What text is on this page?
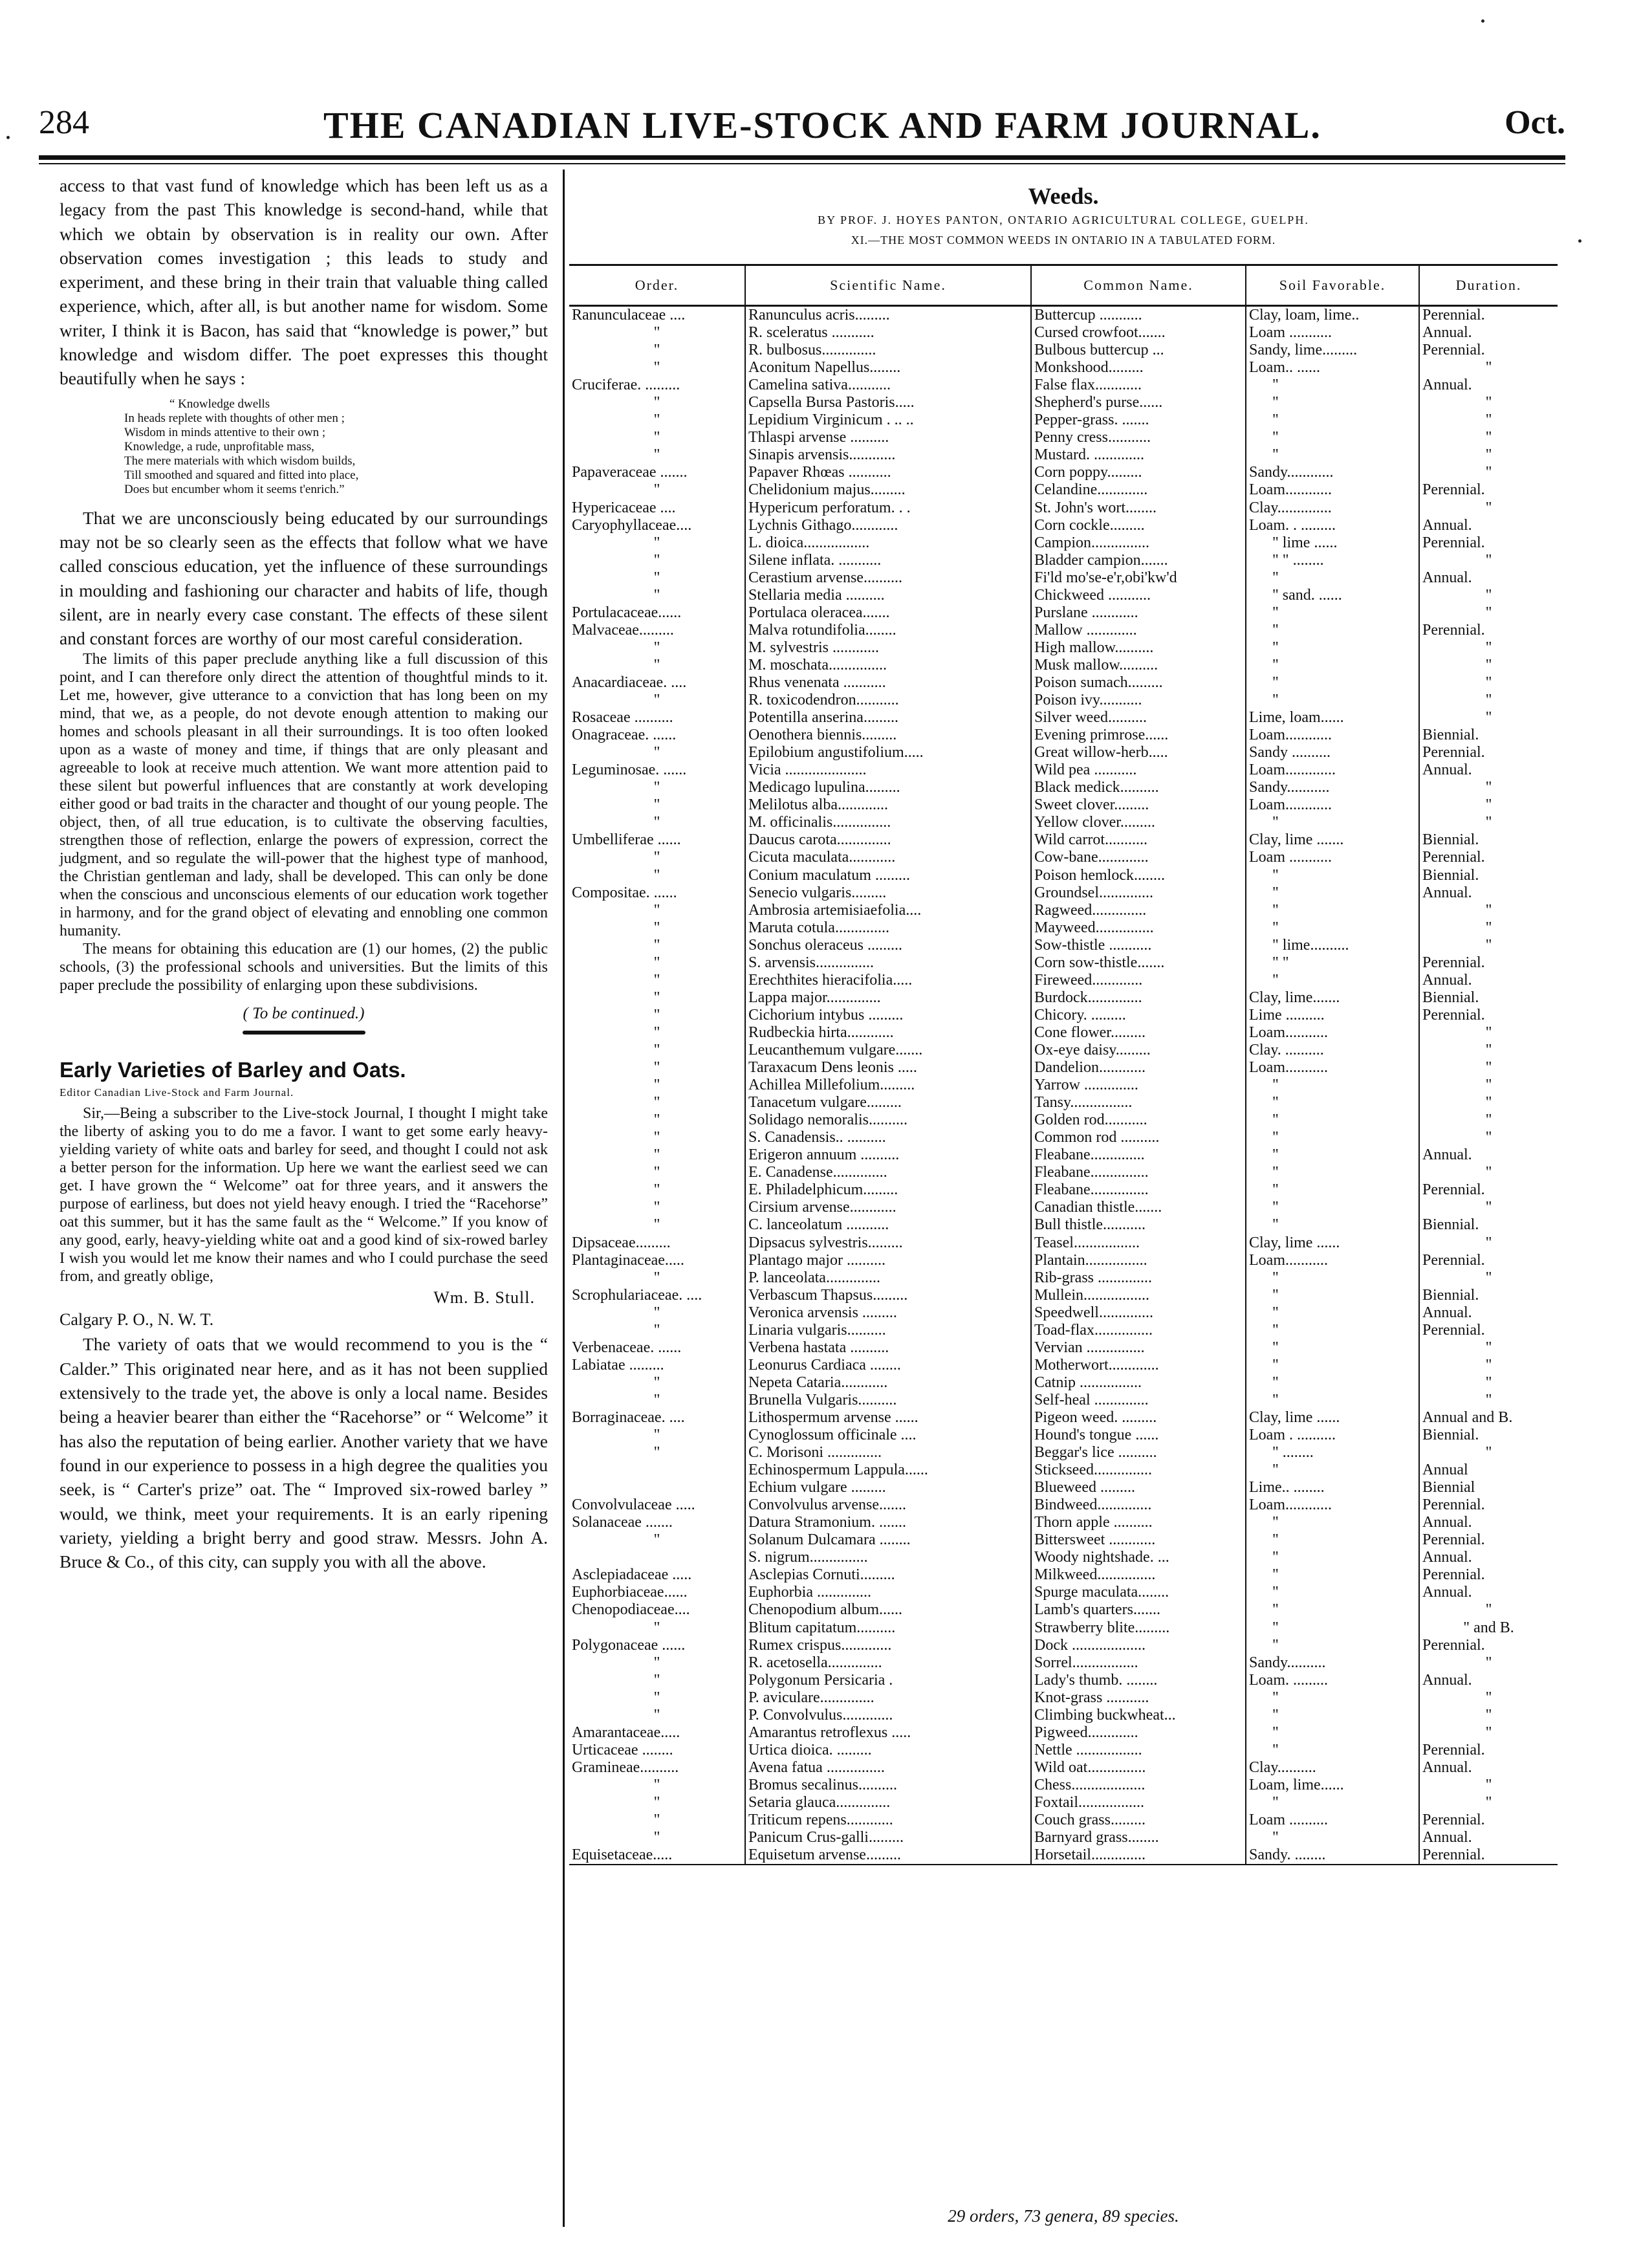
284	THE CANADIAN LIVE-STOCK AND FARM JOURNAL.	Oct.

access to that vast fund of knowledge which has been left us as a legacy from the past This knowledge is second-hand, while that which we obtain by observation is in reality our own. After observation comes investigation ; this leads to study and experiment, and these bring in their train that valuable thing called experience, which, after all, is but another name for wisdom. Some writer, I think it is Bacon, has said that “knowledge is power,” but knowledge and wisdom differ. The poet expresses this thought beautifully when he says :

“ Knowledge dwells
In heads replete with thoughts of other men ;
Wisdom in minds attentive to their own ;
Knowledge, a rude, unprofitable mass,
The mere materials with which wisdom builds,
Till smoothed and squared and fitted into place,
Does but encumber whom it seems t'enrich.”

That we are unconsciously being educated by our surroundings may not be so clearly seen as the effects that follow what we have called conscious education, yet the influence of these surroundings in moulding and fashioning our character and habits of life, though silent, are in nearly every case constant. The effects of these silent and constant forces are worthy of our most careful consideration.

The limits of this paper preclude anything like a full discussion of this point, and I can therefore only direct the attention of thoughtful minds to it. Let me, however, give utterance to a conviction that has long been on my mind, that we, as a people, do not devote enough attention to making our homes and schools pleasant in all their surroundings. It is too often looked upon as a waste of money and time, if things that are only pleasant and agreeable to look at receive much attention. We want more attention paid to these silent but powerful influences that are constantly at work developing either good or bad traits in the character and thought of our young people. The object, then, of all true education, is to cultivate the observing faculties, strengthen those of reflection, enlarge the powers of expression, correct the judgment, and so regulate the will-power that the highest type of manhood, the Christian gentleman and lady, shall be developed. This can only be done when the conscious and unconscious elements of our education work together in harmony, and for the grand object of elevating and ennobling one common humanity.

The means for obtaining this education are (1) our homes, (2) the public schools, (3) the professional schools and universities. But the limits of this paper preclude the possibility of enlarging upon these subdivisions.

( To be continued.)
Early Varieties of Barley and Oats.
Editor Canadian Live-Stock and Farm Journal.

Sir,—Being a subscriber to the Live-stock Journal, I thought I might take the liberty of asking you to do me a favor. I want to get some early heavy-yielding variety of white oats and barley for seed, and thought I could not ask a better person for the information. Up here we want the earliest seed we can get. I have grown the “ Welcome” oat for three years, and it answers the purpose of earliness, but does not yield heavy enough. I tried the “Racehorse” oat this summer, but it has the same fault as the “ Welcome.” If you know of any good, early, heavy-yielding white oat and a good kind of six-rowed barley I wish you would let me know their names and who I could purchase the seed from, and greatly oblige,

Wm. B. Stull.
Calgary P. O., N. W. T.

The variety of oats that we would recommend to you is the “ Calder.” This originated near here, and as it has not been supplied extensively to the trade yet, the above is only a local name. Besides being a heavier bearer than either the “Racehorse” or “ Welcome” it has also the reputation of being earlier. Another variety that we have found in our experience to possess in a high degree the qualities you seek, is “ Carter's prize” oat. The “ Improved six-rowed barley ” would, we think, meet your requirements. It is an early ripening variety, yielding a bright berry and good straw. Messrs. John A. Bruce & Co., of this city, can supply you with all the above.

Weeds.
BY PROF. J. HOYES PANTON, ONTARIO AGRICULTURAL COLLEGE, GUELPH.
XI.—THE MOST COMMON WEEDS IN ONTARIO IN A TABULATED FORM.
Order.	Scientific Name.	Common Name.	Soil Favorable.	Duration.
Ranunculaceae ....	Ranunculus acris.........	Buttercup ...........	Clay, loam, lime..	Perennial.
"	R. sceleratus ...........	Cursed crowfoot.......	Loam ...........	Annual.
"	R. bulbosus..............	Bulbous buttercup ...	Sandy, lime.........	Perennial.
"	Aconitum Napellus........	Monkshood.........	Loam.. ......	"
Cruciferae. .........	Camelina sativa...........	False flax............	"	Annual.
"	Capsella Bursa Pastoris.....	Shepherd's purse......	"	"
"	Lepidium Virginicum . .. ..	Pepper-grass. .......	"	"
"	Thlaspi arvense ..........	Penny cress...........	"	"
"	Sinapis arvensis............	Mustard. .............	"	"
Papaveraceae .......	Papaver Rhœas ...........	Corn poppy.........	Sandy............	"
"	Chelidonium majus.........	Celandine.............	Loam............	Perennial.
Hypericaceae ....	Hypericum perforatum. . .	St. John's wort........	Clay..............	"
Caryophyllaceae....	Lychnis Githago............	Corn cockle.........	Loam. . .........	Annual.
"	L. dioica.................	Campion...............	" lime ......	Perennial.
"	Silene inflata. ...........	Bladder campion.......	" " ........	"
"	Cerastium arvense..........	Fi'ld mo'se-e'r,obi'kw'd	"	Annual.
"	Stellaria media ..........	Chickweed ...........	" sand. ......	"
Portulacaceae......	Portulaca oleracea.......	Purslane ............	"	"
Malvaceae.........	Malva rotundifolia........	Mallow .............	"	Perennial.
"	M. sylvestris ............	High mallow..........	"	"
"	M. moschata...............	Musk mallow..........	"	"
Anacardiaceae. ....	Rhus venenata ...........	Poison sumach.........	"	"
"	R. toxicodendron...........	Poison ivy...........	"	"
Rosaceae ..........	Potentilla anserina.........	Silver weed..........	Lime, loam......	"
Onagraceae. ......	Oenothera biennis.........	Evening primrose......	Loam............	Biennial.
"	Epilobium angustifolium.....	Great willow-herb.....	Sandy ..........	Perennial.
Leguminosae. ......	Vicia .....................	Wild pea ...........	Loam.............	Annual.
"	Medicago lupulina.........	Black medick..........	Sandy...........	"
"	Melilotus alba.............	Sweet clover.........	Loam............	"
"	M. officinalis...............	Yellow clover.........	"	"
Umbelliferae ......	Daucus carota..............	Wild carrot...........	Clay, lime .......	Biennial.
"	Cicuta maculata............	Cow-bane.............	Loam ...........	Perennial.
"	Conium maculatum .........	Poison hemlock........	"	Biennial.
Compositae. ......	Senecio vulgaris.........	Groundsel..............	"	Annual.
"	Ambrosia artemisiaefolia....	Ragweed..............	"	"
"	Maruta cotula..............	Mayweed...............	"	"
"	Sonchus oleraceus .........	Sow-thistle ...........	" lime..........	"
"	S. arvensis...............	Corn sow-thistle.......	" "	Perennial.
"	Erechthites hieracifolia.....	Fireweed.............	"	Annual.
"	Lappa major..............	Burdock..............	Clay, lime.......	Biennial.
"	Cichorium intybus .........	Chicory. .........	Lime ..........	Perennial.
"	Rudbeckia hirta............	Cone flower.........	Loam...........	"
"	Leucanthemum vulgare.......	Ox-eye daisy.........	Clay. ..........	"
"	Taraxacum Dens leonis .....	Dandelion............	Loam...........	"
"	Achillea Millefolium.........	Yarrow ..............	"	"
"	Tanacetum vulgare.........	Tansy................	"	"
"	Solidago nemoralis..........	Golden rod...........	"	"
"	S. Canadensis.. ..........	Common rod ..........	"	"
"	Erigeron annuum ..........	Fleabane..............	"	Annual.
"	E. Canadense..............	Fleabane...............	"	"
"	E. Philadelphicum.........	Fleabane...............	"	Perennial.
"	Cirsium arvense............	Canadian thistle.......	"	"
"	C. lanceolatum ...........	Bull thistle...........	"	Biennial.
Dipsaceae.........	Dipsacus sylvestris.........	Teasel.................	Clay, lime ......	"
Plantaginaceae.....	Plantago major ..........	Plantain................	Loam...........	Perennial.
"	P. lanceolata..............	Rib-grass ..............	"	"
Scrophulariaceae. ....	Verbascum Thapsus.........	Mullein.................	"	Biennial.
"	Veronica arvensis .........	Speedwell..............	"	Annual.
"	Linaria vulgaris..........	Toad-flax...............	"	Perennial.
Verbenaceae. ......	Verbena hastata ..........	Vervian ...............	"	"
Labiatae .........	Leonurus Cardiaca ........	Motherwort.............	"	"
"	Nepeta Cataria............	Catnip ................	"	"
"	Brunella Vulgaris..........	Self-heal ..............	"	"
Borraginaceae. ....	Lithospermum arvense ......	Pigeon weed. .........	Clay, lime ......	Annual and B.
"	Cynoglossum officinale ....	Hound's tongue ......	Loam . ..........	Biennial.
"	C. Morisoni ..............	Beggar's lice ..........	" ........	"
	Echinospermum Lappula......	Stickseed...............	"	Annual
	Echium vulgare .........	Blueweed .........	Lime.. ........	Biennial
Convolvulaceae .....	Convolvulus arvense.......	Bindweed..............	Loam............	Perennial.
Solanaceae .......	Datura Stramonium. .......	Thorn apple ..........	"	Annual.
"	Solanum Dulcamara ........	Bittersweet ............	"	Perennial.
	S. nigrum...............	Woody nightshade. ...	"	Annual.
Asclepiadaceae .....	Asclepias Cornuti.........	Milkweed...............	"	Perennial.
Euphorbiaceae......	Euphorbia ..............	Spurge maculata........	"	Annual.
Chenopodiaceae....	Chenopodium album......	Lamb's quarters.......	"	"
"	Blitum capitatum..........	Strawberry blite.........	"	" and B.
Polygonaceae ......	Rumex crispus.............	Dock ...................	"	Perennial.
"	R. acetosella..............	Sorrel.................	Sandy..........	"
"	Polygonum Persicaria .	Lady's thumb. ........	Loam. .........	Annual.
"	P. aviculare..............	Knot-grass ...........	"	"
"	P. Convolvulus.............	Climbing buckwheat...	"	"
Amarantaceae.....	Amarantus retroflexus .....	Pigweed.............	"	"
Urticaceae ........	Urtica dioica. .........	Nettle .................	"	Perennial.
Gramineae..........	Avena fatua ...............	Wild oat...............	Clay..........	Annual.
"	Bromus secalinus..........	Chess...................	Loam, lime......	"
"	Setaria glauca..............	Foxtail.................	"	"
"	Triticum repens............	Couch grass.........	Loam ..........	Perennial.
"	Panicum Crus-galli.........	Barnyard grass........	"	Annual.
Equisetaceae.....	Equisetum arvense.........	Horsetail..............	Sandy. ........	Perennial.
29 orders, 73 genera, 89 species.
